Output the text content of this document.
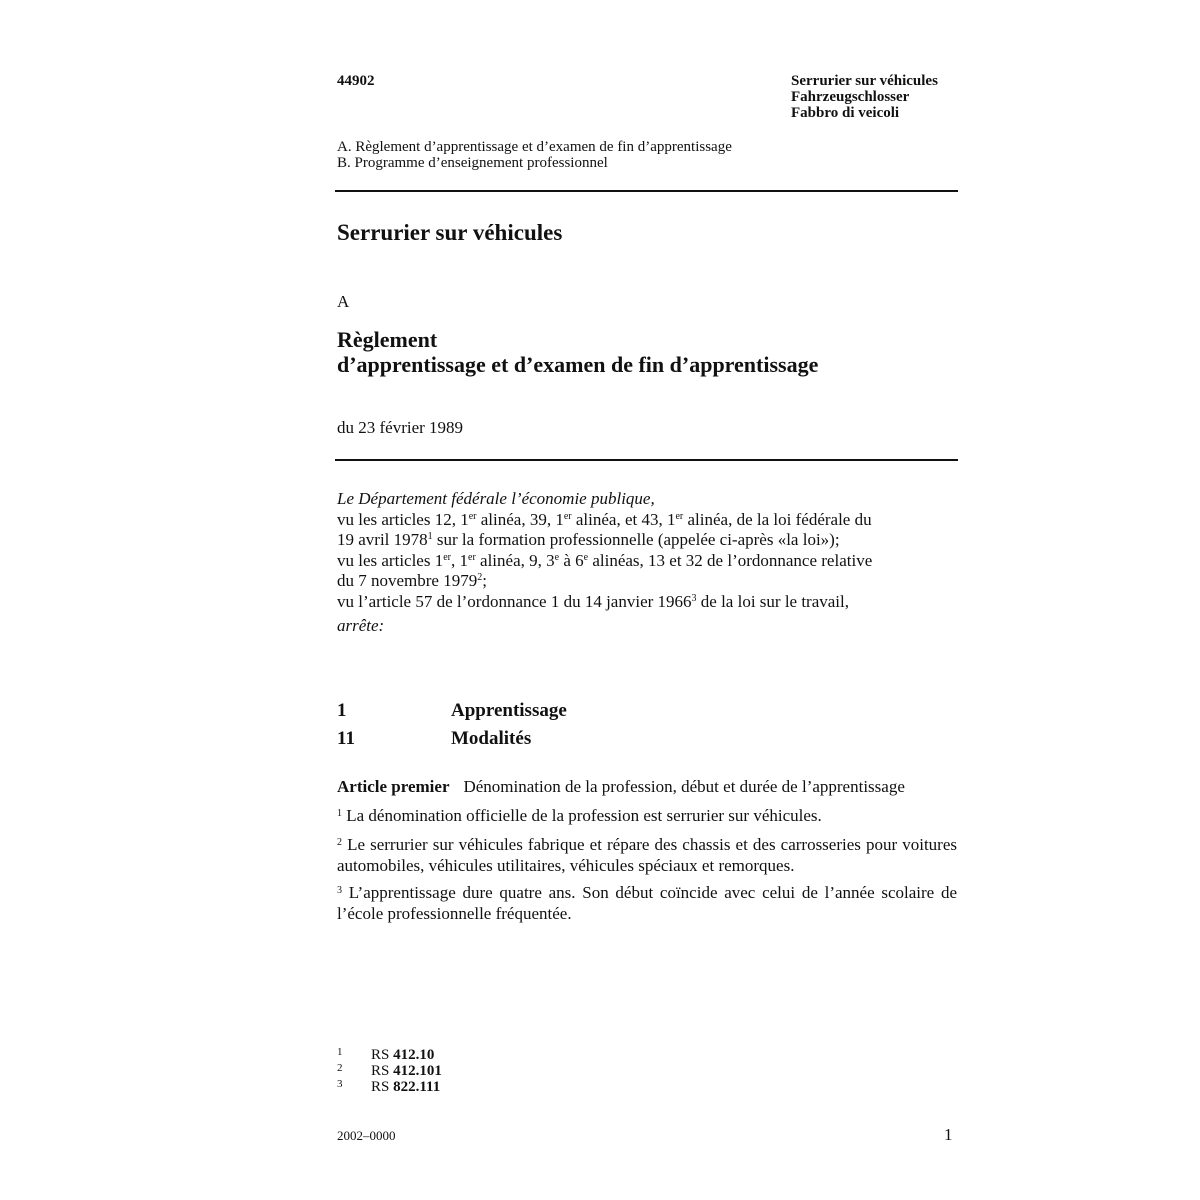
44902	Serrurier sur véhicules
Fahrzeugschlosser
Fabbro di veicoli
A. Règlement d’apprentissage et d’examen de fin d’apprentissage
B. Programme d’enseignement professionnel
Serrurier sur véhicules
A
Règlement
d’apprentissage et d’examen de fin d’apprentissage
du 23 février 1989
Le Département fédérale l’économie publique,
vu les articles 12, 1er alinéa, 39, 1er alinéa, et 43, 1er alinéa, de la loi fédérale du
19 avril 1978$^1$ sur la formation professionnelle (appelée ci-après «la loi»);
vu les articles 1er, 1er alinéa, 9, 3e à 6e alinéas, 13 et 32 de l’ordonnance relative
du 7 novembre 1979$^2$;
vu l’article 57 de l’ordonnance 1 du 14 janvier 1966$^3$ de la loi sur le travail,
arrête:
1	Apprentissage
11	Modalités
Article premier Dénomination de la profession, début et durée de l’apprentissage
$^1$ La dénomination officielle de la profession est serrurier sur véhicules.
$^2$ Le serrurier sur véhicules fabrique et répare des chassis et des carrosseries pour voitures automobiles, véhicules utilitaires, véhicules spéciaux et remorques.
$^3$ L’apprentissage dure quatre ans. Son début coïncide avec celui de l’année scolaire de l’école professionnelle fréquentée.
1 RS 412.10
2 RS 412.101
3 RS 822.111
2002–0000	1
